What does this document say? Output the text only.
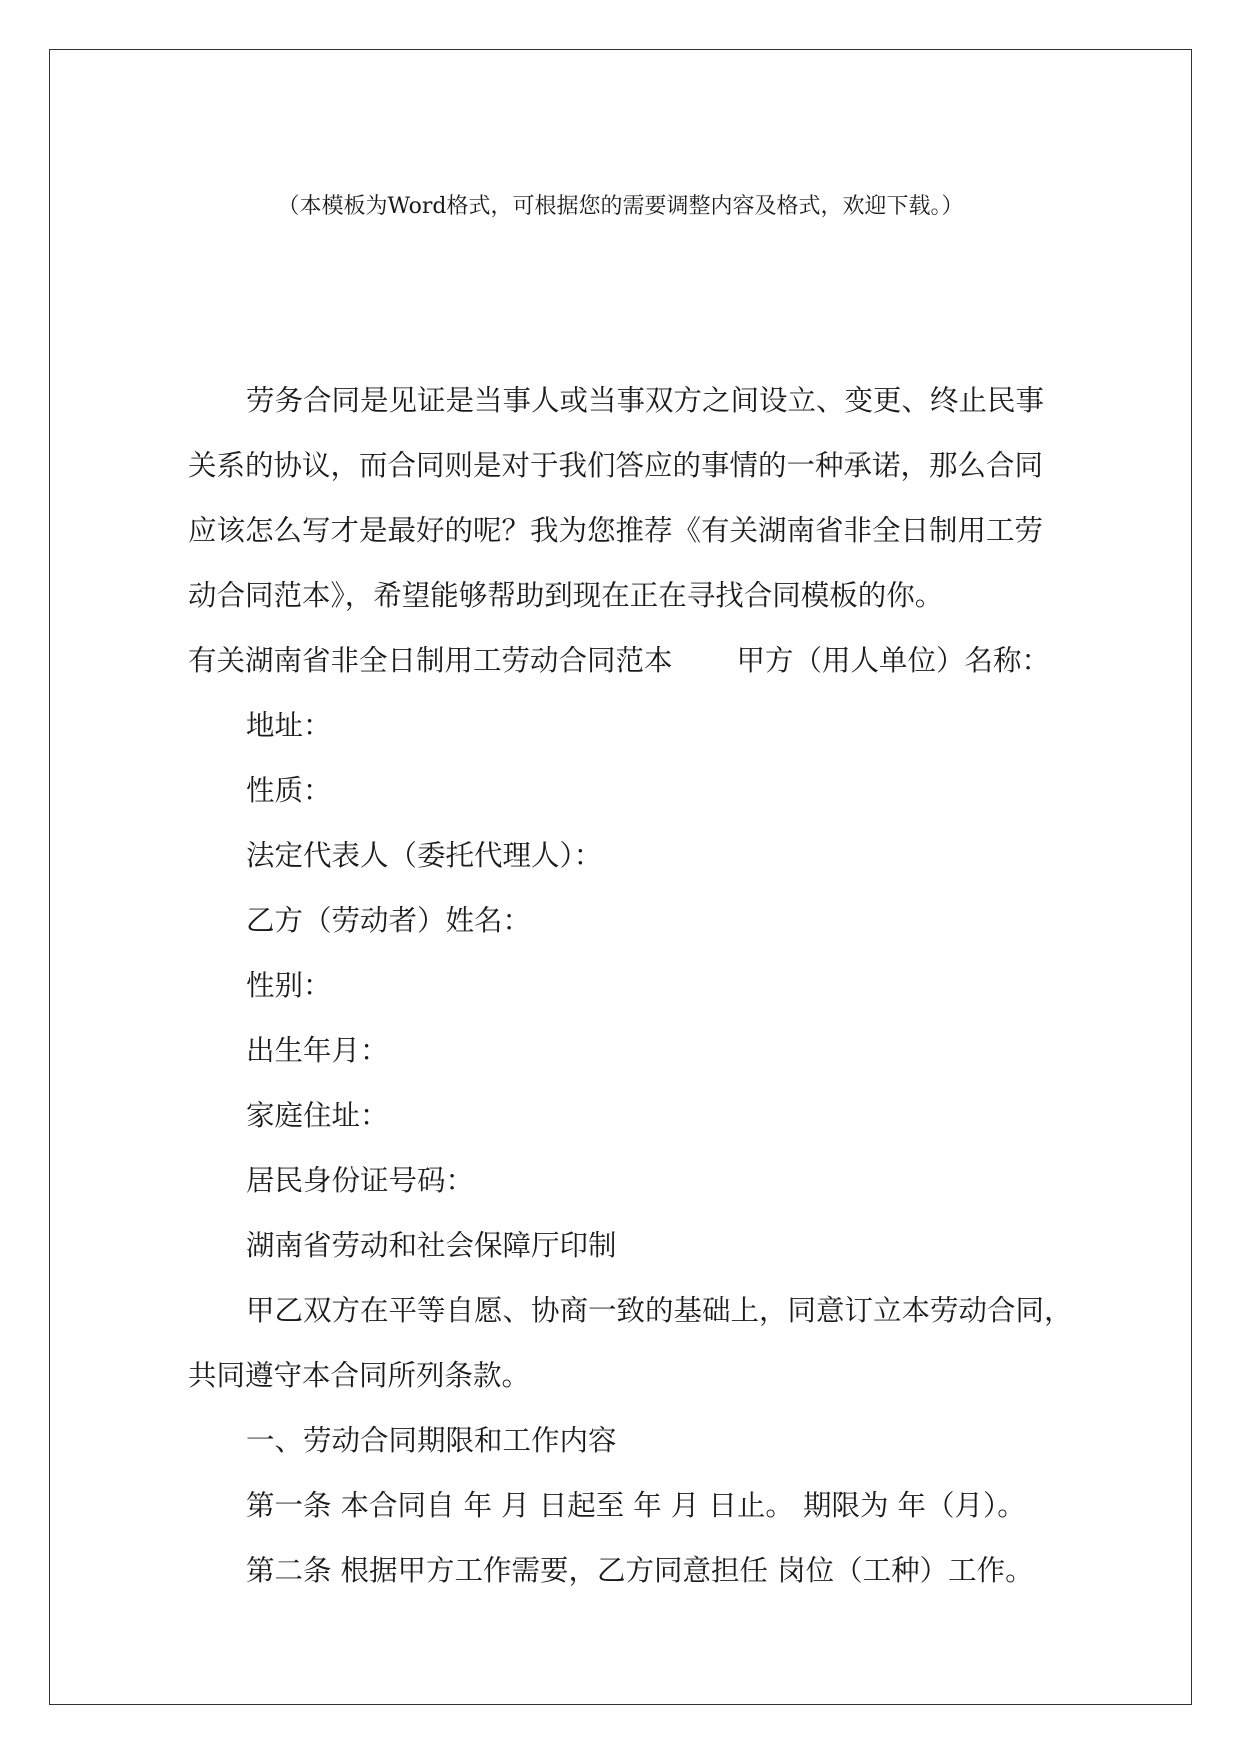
（本模板为Word格式，可根据您的需要调整内容及格式，欢迎下载。）
劳务合同是见证是当事人或当事双方之间设立、变更、终止民事
关系的协议，而合同则是对于我们答应的事情的一种承诺，那么合同
应该怎么写才是最好的呢？我为您推荐《有关湖南省非全日制用工劳
动合同范本》，希望能够帮助到现在正在寻找合同模板的你。
有关湖南省非全日制用工劳动合同范本 甲方（用人单位）名称：
地址：
性质：
法定代表人（委托代理人）：
乙方（劳动者）姓名：
性别：
出生年月：
家庭住址：
居民身份证号码：
湖南省劳动和社会保障厅印制
甲乙双方在平等自愿、协商一致的基础上，同意订立本劳动合同，
共同遵守本合同所列条款。
一、劳动合同期限和工作内容
第一条 本合同自 年 月 日起至 年 月 日止。 期限为 年（月）。
第二条 根据甲方工作需要，乙方同意担任 岗位（工种）工作。
